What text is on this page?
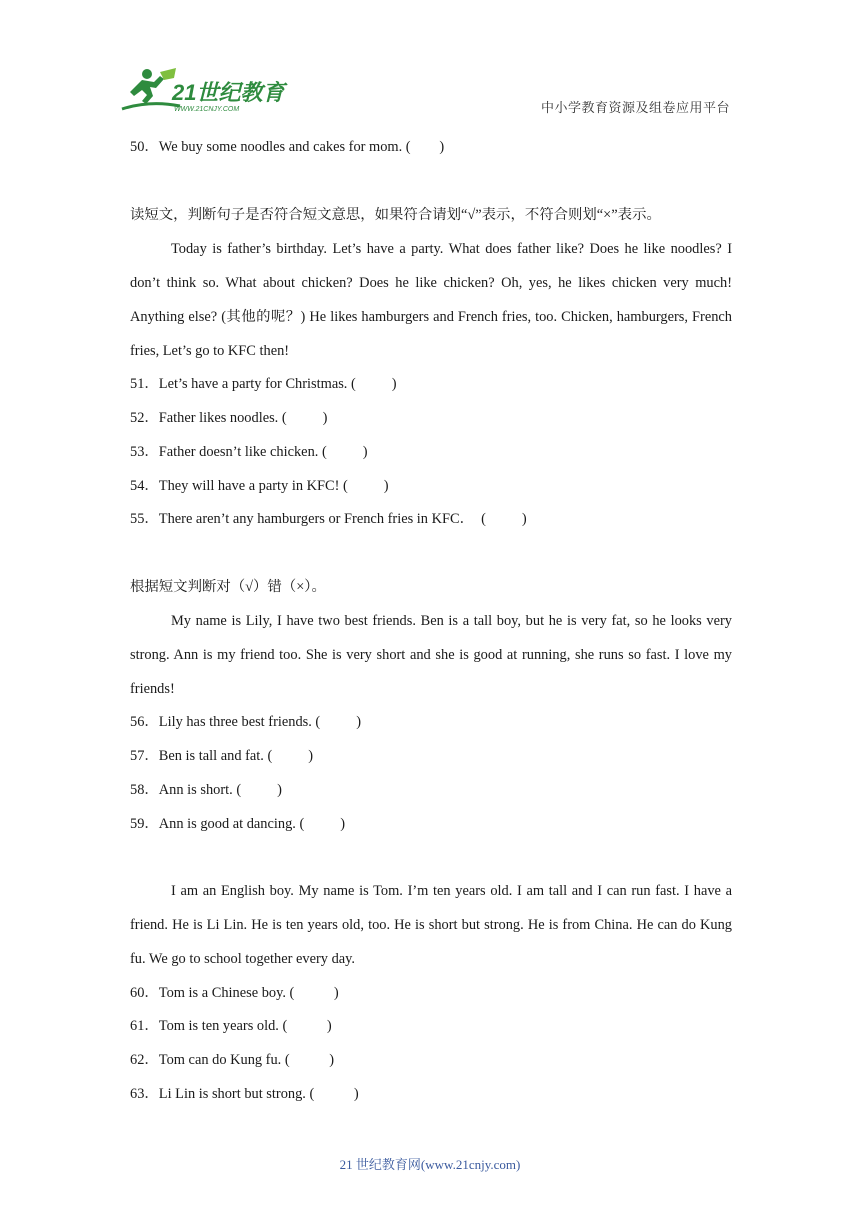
21世纪教育
WWW.21CNJY.COM	中小学教育资源及组卷应用平台
50．We buy some noodles and cakes for mom. (        )
读短文，判断句子是否符合短文意思，如果符合请划“√”表示，不符合则划“×”表示。
Today is father’s birthday. Let’s have a party. What does father like? Does he like noodles? I don’t think so. What about chicken? Does he like chicken? Oh, yes, he likes chicken very much! Anything else? (其他的呢？) He likes hamburgers and French fries, too. Chicken, hamburgers, French fries, Let’s go to KFC then!
51．Let’s have a party for Christmas. (          )
52．Father likes noodles. (          )
53．Father doesn’t like chicken. (          )
54．They will have a party in KFC! (          )
55．There aren’t any hamburgers or French fries in KFC．  (          )
根据短文判断对（√）错（×）。
My name is Lily, I have two best friends. Ben is a tall boy, but he is very fat, so he looks very strong. Ann is my friend too. She is very short and she is good at running, she runs so fast. I love my friends!
56．Lily has three best friends. (          )
57．Ben is tall and fat. (          )
58．Ann is short. (          )
59．Ann is good at dancing. (          )
I am an English boy. My name is Tom. I’m ten years old. I am tall and I can run fast. I have a friend. He is Li Lin. He is ten years old, too. He is short but strong. He is from China. He can do Kung fu. We go to school together every day.
60．Tom is a Chinese boy. (           )
61．Tom is ten years old. (           )
62．Tom can do Kung fu. (           )
63．Li Lin is short but strong. (           )
21 世纪教育网(www.21cnjy.com)
